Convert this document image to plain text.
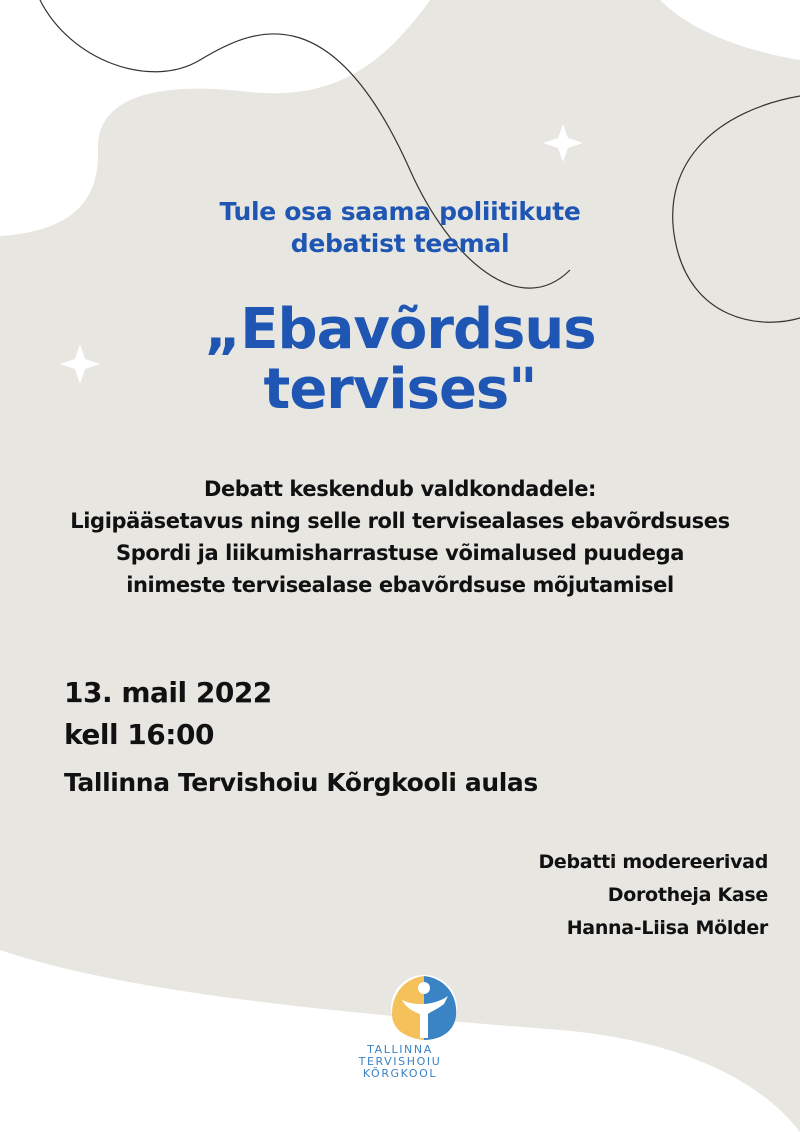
Tule osa saama poliitikute
debatist teemal
„Ebavõrdsus
tervises"
Debatt keskendub valdkondadele:
Ligipääsetavus ning selle roll tervisealases ebavõrdsuses
Spordi ja liikumisharrastuse võimalused puudega
inimeste tervisealase ebavõrdsuse mõjutamisel
13. mail 2022
kell 16:00
Tallinna Tervishoiu Kõrgkooli aulas
Debatti modereerivad
Dorotheja Kase
Hanna-Liisa Mölder
TALLINNA
TERVISHOIU
KÕRGKOOL
